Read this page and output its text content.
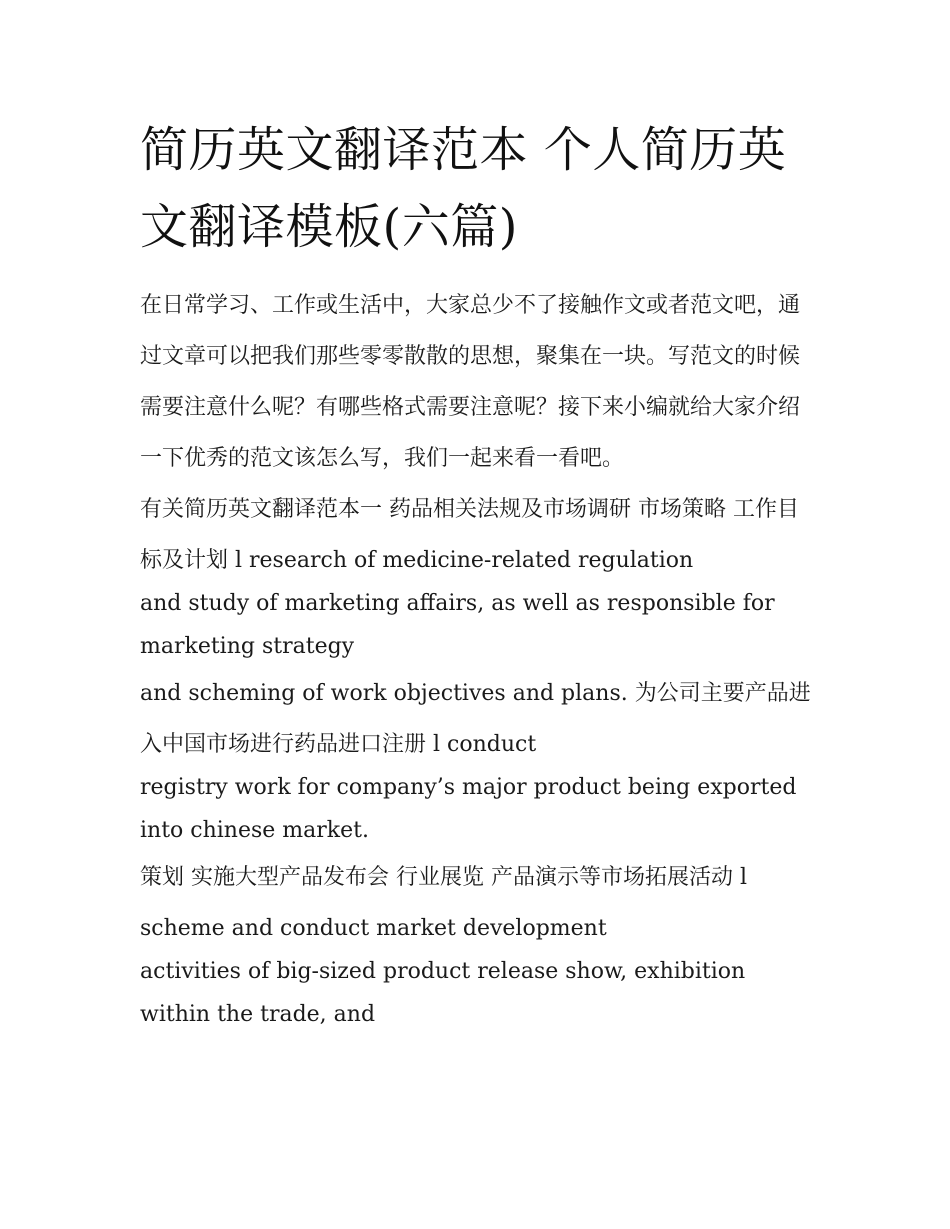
简历英文翻译范本 个人简历英文翻译模板(六篇)

在日常学习、工作或生活中，大家总少不了接触作文或者范文吧，通过文章可以把我们那些零零散散的思想，聚集在一块。写范文的时候需要注意什么呢？有哪些格式需要注意呢？接下来小编就给大家介绍一下优秀的范文该怎么写，我们一起来看一看吧。

有关简历英文翻译范本一 药品相关法规及市场调研 市场策略 工作目标及计划 l research of medicine-related regulation

and study of marketing affairs, as well as responsible for marketing strategy

and scheming of work objectives and plans. 为公司主要产品进入中国市场进行药品进口注册 l conduct

registry work for company’s major product being exported into chinese market.

策划 实施大型产品发布会 行业展览 产品演示等市场拓展活动 l scheme and conduct market development

activities of big-sized product release show, exhibition within the trade, and
